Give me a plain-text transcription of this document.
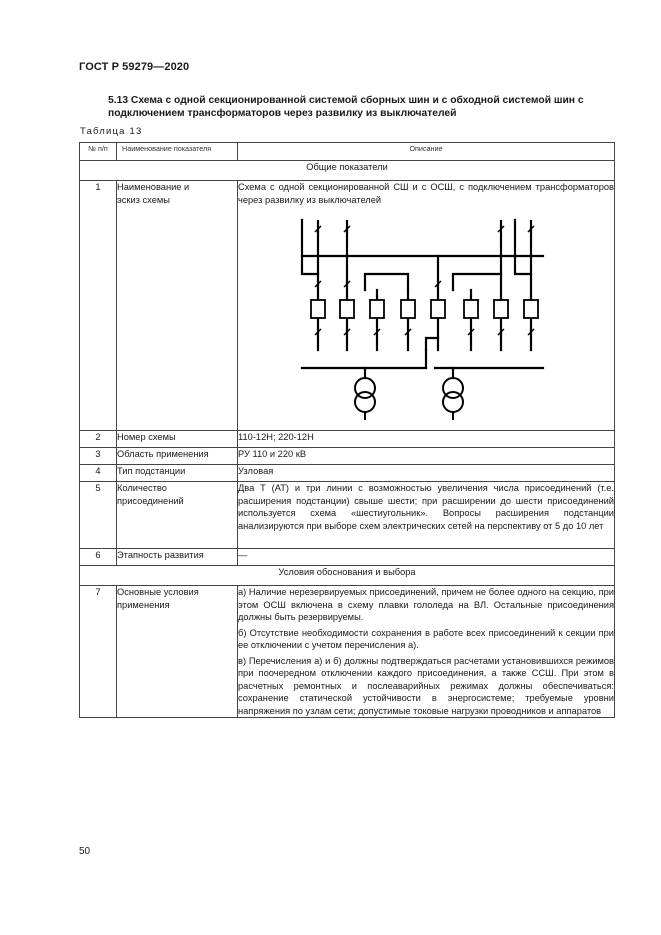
ГОСТ Р 59279—2020
5.13 Схема с одной секционированной системой сборных шин и с обходной системой шин с подключением трансформаторов через развилку из выключателей
Таблица 13
№ п/п	Наименование показателя	Описание
Общие показатели		
1	Наименование и эскиз схемы	Схема с одной секционированной СШ и с ОСШ, с подключением трансформаторов через развилку из выключателей

2	Номер схемы	110-12Н; 220-12Н
3	Область применения	РУ 110 и 220 кВ
4	Тип подстанции	Узловая
5	Количество присоединений	Два Т (АТ) и три линии с возможностью увеличения числа присоединений (т.е. расширения подстанции) свыше шести; при расширении до шести присоединений используется схема «шестиугольник». Вопросы расширения подстанции анализируются при выборе схем электрических сетей на перспективу от 5 до 10 лет
6	Этапность развития	—
Условия обоснования и выбора		
7	Основные условия применения	а) Наличие нерезервируемых присоединений, причем не более одного на секцию, при этом ОСШ включена в схему плавки гололеда на ВЛ. Остальные присоединения должны быть резервируемы.

б) Отсутствие необходимости сохранения в работе всех присоединений к секции при ее отключении с учетом перечисления а).

в) Перечисления а) и б) должны подтверждаться расчетами установившихся режимов при поочередном отключении каждого присоединения, а также ССШ. При этом в расчетных ремонтных и послеаварийных режимах должны обеспечиваться: сохранение статической устойчивости в энергосистеме; требуемые уровни напряжения по узлам сети; допустимые токовые нагрузки проводников и аппаратов

50
